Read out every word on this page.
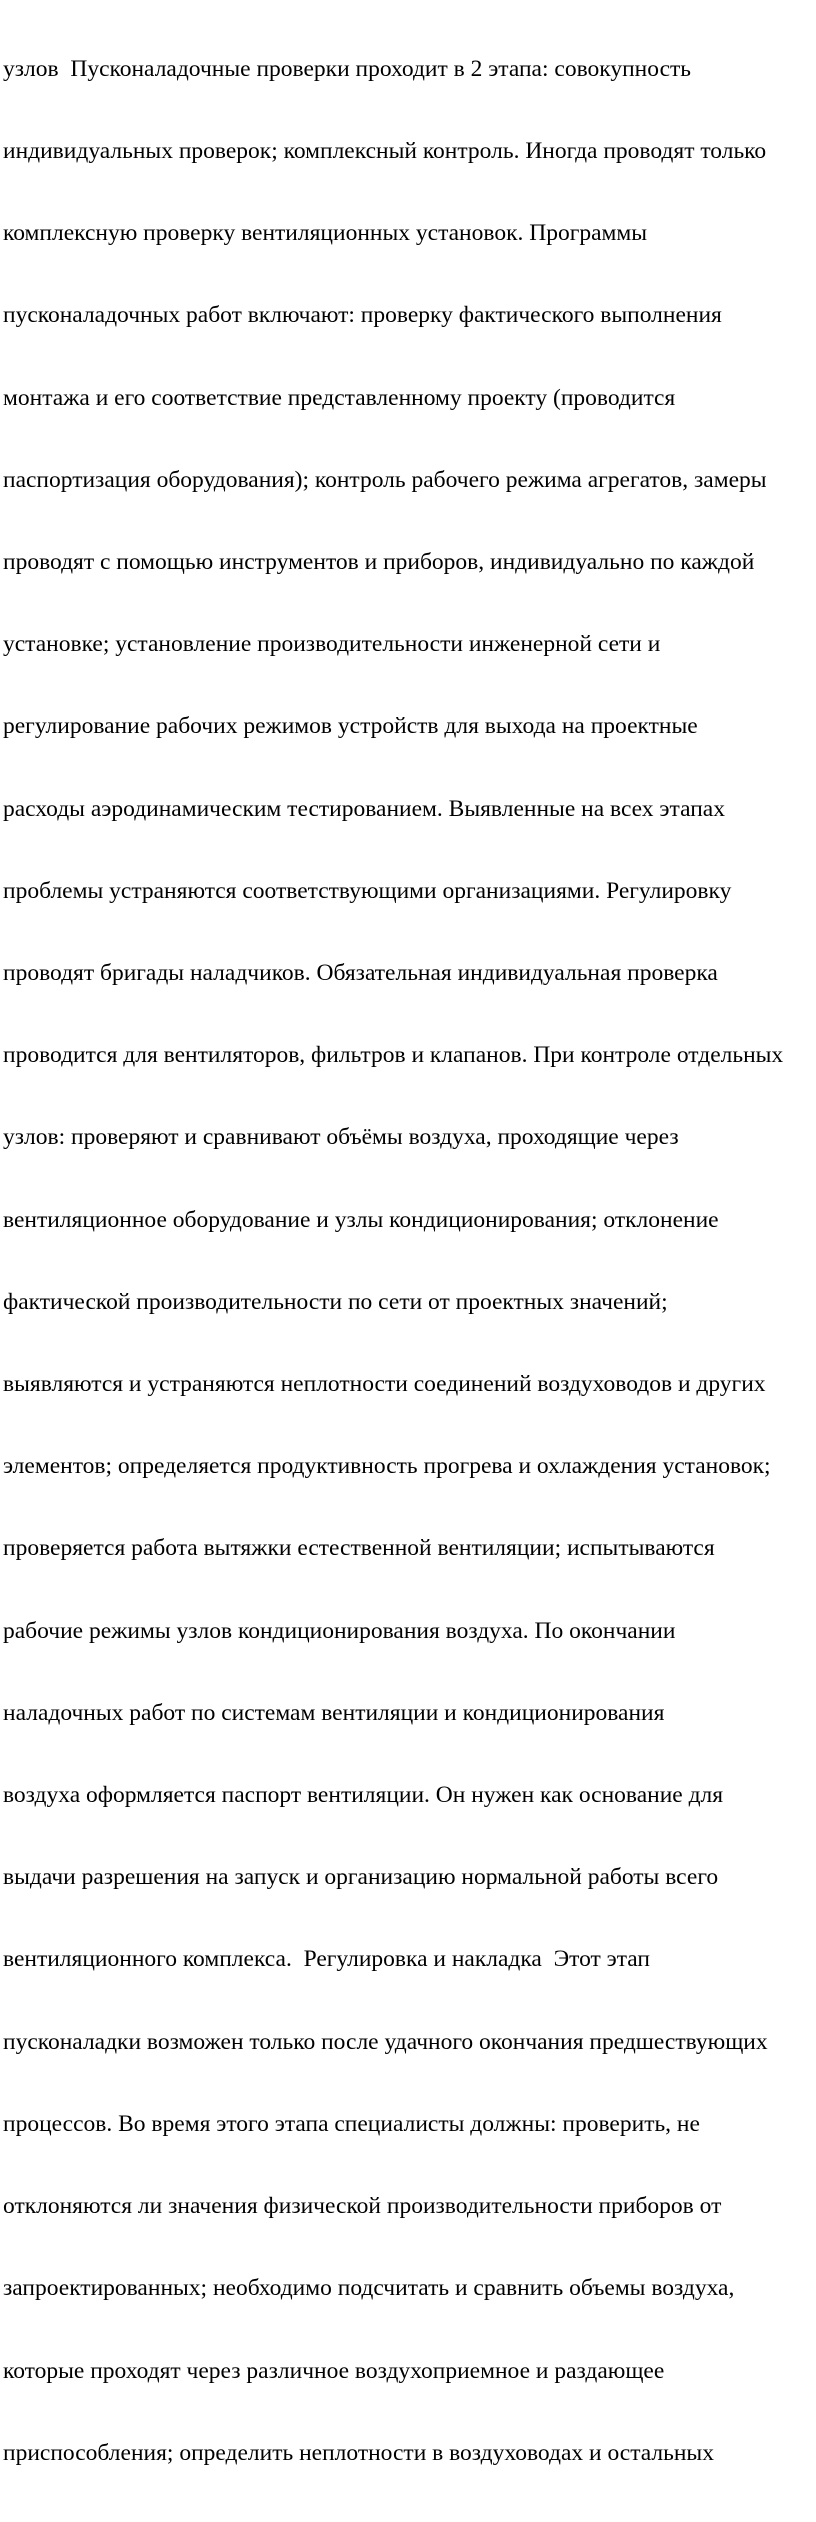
узлов  Пусконаладочные проверки проходит в 2 этапа: совокупность

индивидуальных проверок; комплексный контроль. Иногда проводят только

комплексную проверку вентиляционных установок. Программы

пусконаладочных работ включают: проверку фактического выполнения

монтажа и его соответствие представленному проекту (проводится

паспортизация оборудования); контроль рабочего режима агрегатов, замеры

проводят с помощью инструментов и приборов, индивидуально по каждой

установке; установление производительности инженерной сети и

регулирование рабочих режимов устройств для выхода на проектные

расходы аэродинамическим тестированием. Выявленные на всех этапах

проблемы устраняются соответствующими организациями. Регулировку

проводят бригады наладчиков. Обязательная индивидуальная проверка

проводится для вентиляторов, фильтров и клапанов. При контроле отдельных

узлов: проверяют и сравнивают объёмы воздуха, проходящие через

вентиляционное оборудование и узлы кондиционирования; отклонение

фактической производительности по сети от проектных значений;

выявляются и устраняются неплотности соединений воздуховодов и других

элементов; определяется продуктивность прогрева и охлаждения установок;

проверяется работа вытяжки естественной вентиляции; испытываются

рабочие режимы узлов кондиционирования воздуха. По окончании

наладочных работ по системам вентиляции и кондиционирования

воздуха оформляется паспорт вентиляции. Он нужен как основание для

выдачи разрешения на запуск и организацию нормальной работы всего

вентиляционного комплекса.  Регулировка и накладка  Этот этап

пусконаладки возможен только после удачного окончания предшествующих

процессов. Во время этого этапа специалисты должны: проверить, не

отклоняются ли значения физической производительности приборов от

запроектированных; необходимо подсчитать и сравнить объемы воздуха,

которые проходят через различное воздухоприемное и раздающее

приспособления; определить неплотности в воздуховодах и остальных
